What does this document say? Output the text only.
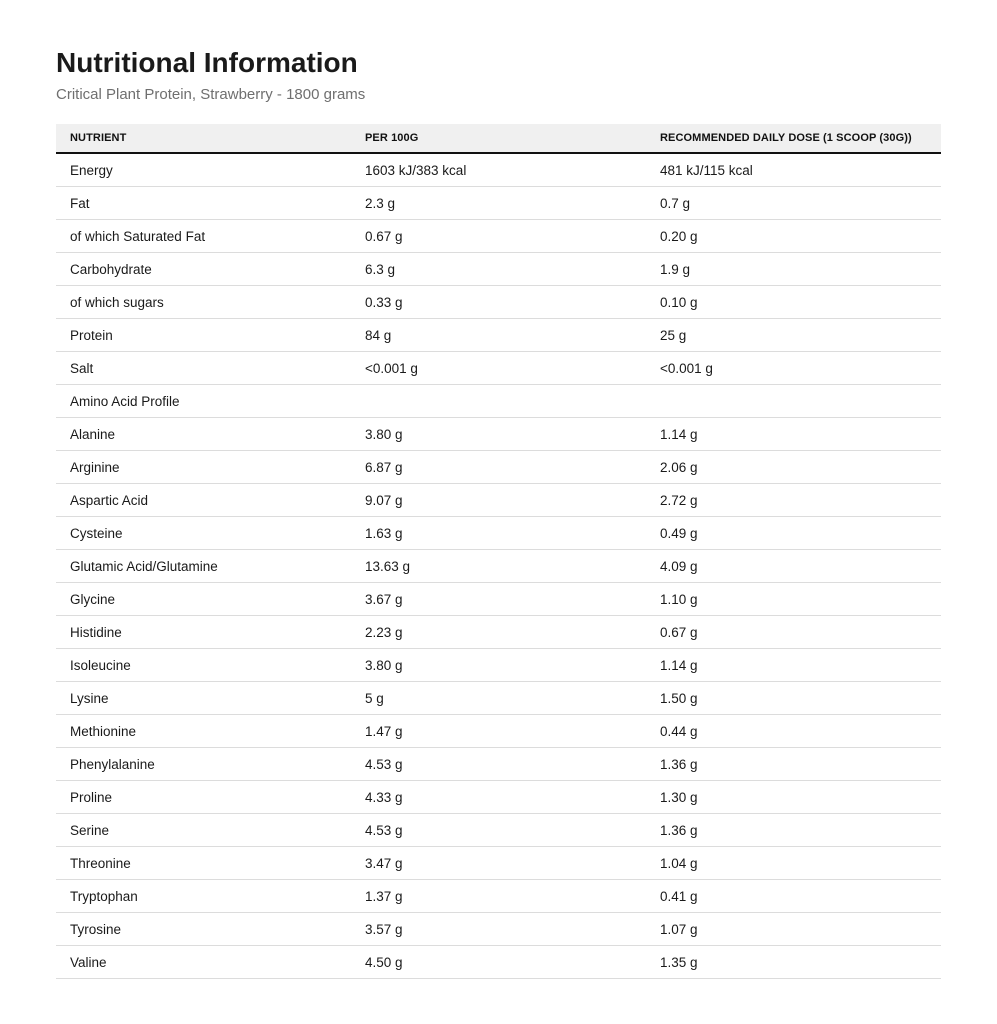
Nutritional Information
Critical Plant Protein, Strawberry - 1800 grams
NUTRIENT	PER 100G	RECOMMENDED DAILY DOSE (1 SCOOP (30G))
Energy	1603 kJ/383 kcal	481 kJ/115 kcal
Fat	2.3 g	0.7 g
of which Saturated Fat	0.67 g	0.20 g
Carbohydrate	6.3 g	1.9 g
of which sugars	0.33 g	0.10 g
Protein	84 g	25 g
Salt	<0.001 g	<0.001 g
Amino Acid Profile		
Alanine	3.80 g	1.14 g
Arginine	6.87 g	2.06 g
Aspartic Acid	9.07 g	2.72 g
Cysteine	1.63 g	0.49 g
Glutamic Acid/Glutamine	13.63 g	4.09 g
Glycine	3.67 g	1.10 g
Histidine	2.23 g	0.67 g
Isoleucine	3.80 g	1.14 g
Lysine	5 g	1.50 g
Methionine	1.47 g	0.44 g
Phenylalanine	4.53 g	1.36 g
Proline	4.33 g	1.30 g
Serine	4.53 g	1.36 g
Threonine	3.47 g	1.04 g
Tryptophan	1.37 g	0.41 g
Tyrosine	3.57 g	1.07 g
Valine	4.50 g	1.35 g
